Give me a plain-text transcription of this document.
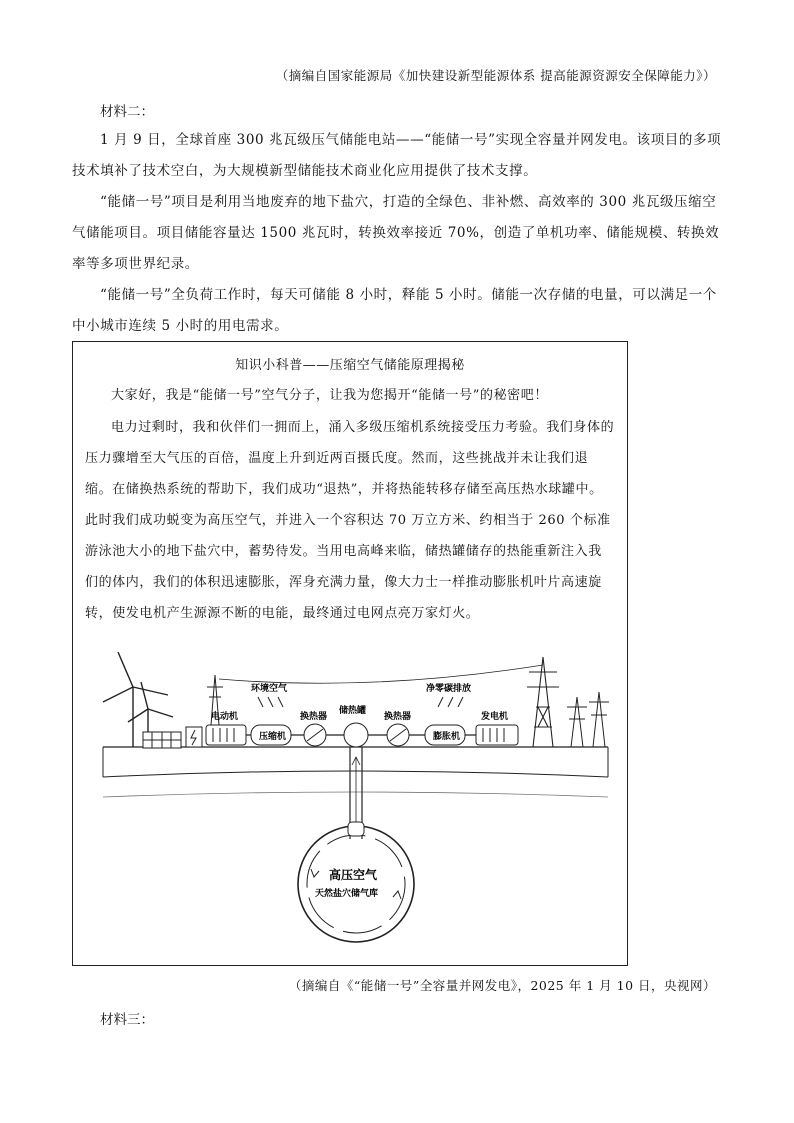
（摘编自国家能源局《加快建设新型能源体系 提高能源资源安全保障能力》）
材料二：
1 月 9 日，全球首座 300 兆瓦级压气储能电站——“能储一号”实现全容量并网发电。该项目的多项技术填补了技术空白，为大规模新型储能技术商业化应用提供了技术支撑。
“能储一号”项目是利用当地废弃的地下盐穴，打造的全绿色、非补燃、高效率的 300 兆瓦级压缩空气储能项目。项目储能容量达 1500 兆瓦时，转换效率接近 70%，创造了单机功率、储能规模、转换效率等多项世界纪录。
“能储一号”全负荷工作时，每天可储能 8 小时，释能 5 小时。储能一次存储的电量，可以满足一个中小城市连续 5 小时的用电需求。
知识小科普——压缩空气储能原理揭秘
大家好，我是“能储一号”空气分子，让我为您揭开“能储一号”的秘密吧！
电力过剩时，我和伙伴们一拥而上，涌入多级压缩机系统接受压力考验。我们身体的压力骤增至大气压的百倍，温度上升到近两百摄氏度。然而，这些挑战并未让我们退缩。在储换热系统的帮助下，我们成功“退热”，并将热能转移存储至高压热水球罐中。此时我们成功蜕变为高压空气，并进入一个容积达 70 万立方米、约相当于 260 个标准游泳池大小的地下盐穴中，蓄势待发。当用电高峰来临，储热罐储存的热能重新注入我们的体内，我们的体积迅速膨胀，浑身充满力量，像大力士一样推动膨胀机叶片高速旋转，使发电机产生源源不断的电能，最终通过电网点亮万家灯火。
电动机
环境空气
压缩机
换热器
储热罐
换热器
净零碳排放
膨胀机
发电机
高压空气
天然盐穴储气库
（摘编自《“能储一号”全容量并网发电》，2025 年 1 月 10 日，央视网）
材料三：
